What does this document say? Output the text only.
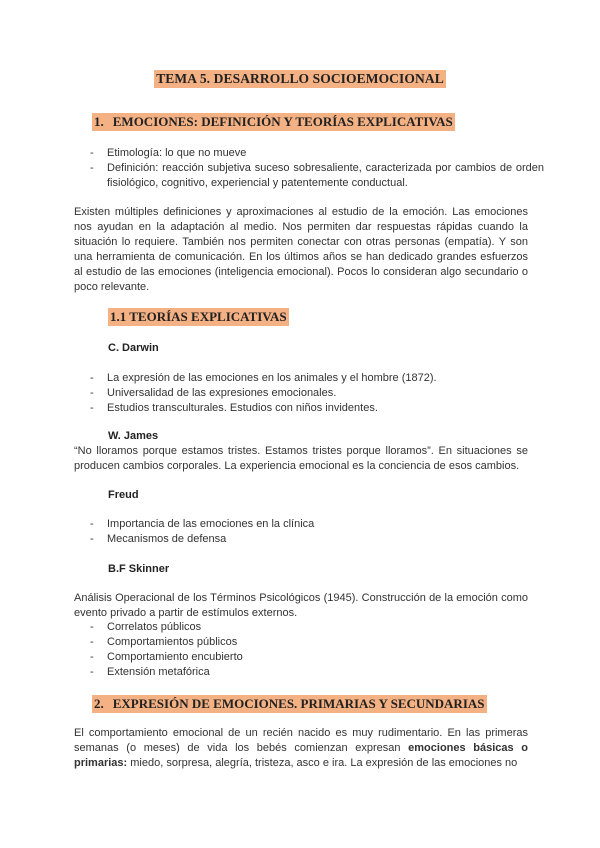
TEMA 5. DESARROLLO SOCIOEMOCIONAL
1. EMOCIONES: DEFINICIÓN Y TEORÍAS EXPLICATIVAS
- Etimología: lo que no mueve
- Definición: reacción subjetiva suceso sobresaliente, caracterizada por cambios de orden fisiológico, cognitivo, experiencial y patentemente conductual.

Existen múltiples definiciones y aproximaciones al estudio de la emoción. Las emociones nos ayudan en la adaptación al medio. Nos permiten dar respuestas rápidas cuando la situación lo requiere. También nos permiten conectar con otras personas (empatía). Y son una herramienta de comunicación. En los últimos años se han dedicado grandes esfuerzos al estudio de las emociones (inteligencia emocional). Pocos lo consideran algo secundario o poco relevante.

1.1 TEORÍAS EXPLICATIVAS
C. Darwin
- La expresión de las emociones en los animales y el hombre (1872).
- Universalidad de las expresiones emocionales.
- Estudios transculturales. Estudios con niños invidentes.
W. James

“No lloramos porque estamos tristes. Estamos tristes porque lloramos”. En situaciones se producen cambios corporales. La experiencia emocional es la conciencia de esos cambios.

Freud
- Importancia de las emociones en la clínica
- Mecanismos de defensa
B.F Skinner

Análisis Operacional de los Términos Psicológicos (1945). Construcción de la emoción como evento privado a partir de estímulos externos.

- Correlatos públicos
- Comportamientos públicos
- Comportamiento encubierto
- Extensión metafórica
2. EXPRESIÓN DE EMOCIONES. PRIMARIAS Y SECUNDARIAS

El comportamiento emocional de un recién nacido es muy rudimentario. En las primeras semanas (o meses) de vida los bebés comienzan expresan emociones básicas o primarias: miedo, sorpresa, alegría, tristeza, asco e ira. La expresión de las emociones no
